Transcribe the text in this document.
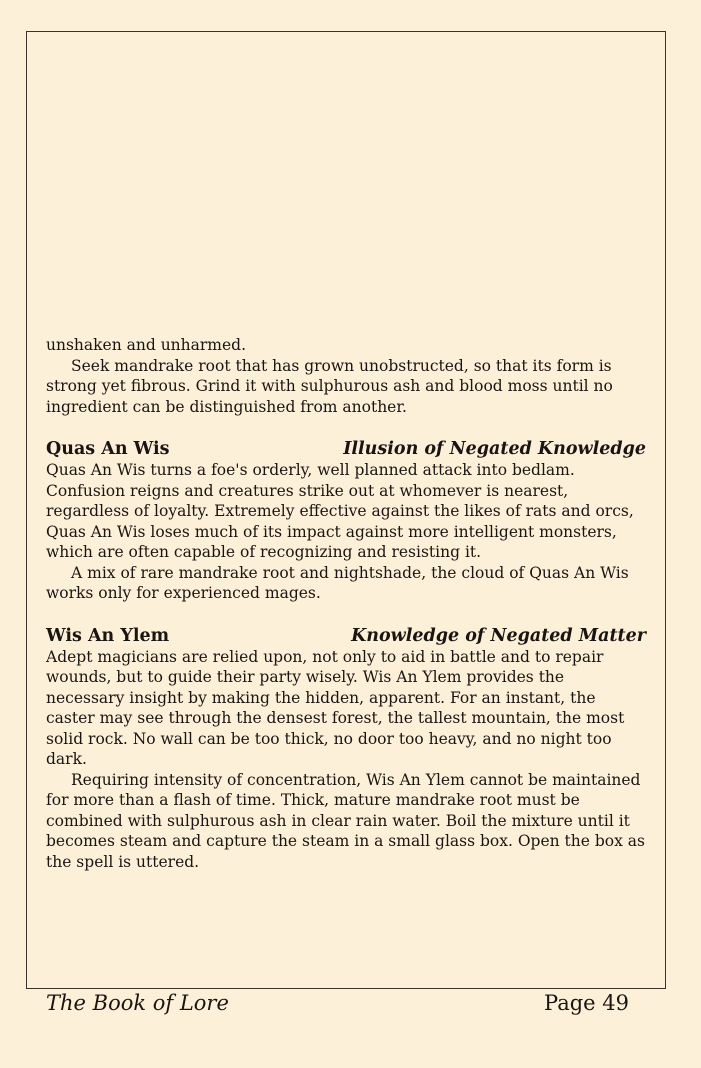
unshaken and unharmed.

Seek mandrake root that has grown unobstructed, so that its form is strong yet fibrous. Grind it with sulphurous ash and blood moss until no ingredient can be distinguished from another.

Quas An Wis	Illusion of Negated Knowledge

Quas An Wis turns a foe's orderly, well planned attack into bedlam. Confusion reigns and creatures strike out at whomever is nearest, regardless of loyalty. Extremely effective against the likes of rats and orcs, Quas An Wis loses much of its impact against more intelligent monsters, which are often capable of recognizing and resisting it.

A mix of rare mandrake root and nightshade, the cloud of Quas An Wis works only for experienced mages.

Wis An Ylem	Knowledge of Negated Matter

Adept magicians are relied upon, not only to aid in battle and to repair wounds, but to guide their party wisely. Wis An Ylem provides the necessary insight by making the hidden, apparent. For an instant, the caster may see through the densest forest, the tallest mountain, the most solid rock. No wall can be too thick, no door too heavy, and no night too dark.

Requiring intensity of concentration, Wis An Ylem cannot be maintained for more than a flash of time. Thick, mature mandrake root must be combined with sulphurous ash in clear rain water. Boil the mixture until it becomes steam and capture the steam in a small glass box. Open the box as the spell is uttered.

The Book of Lore	Page 49
